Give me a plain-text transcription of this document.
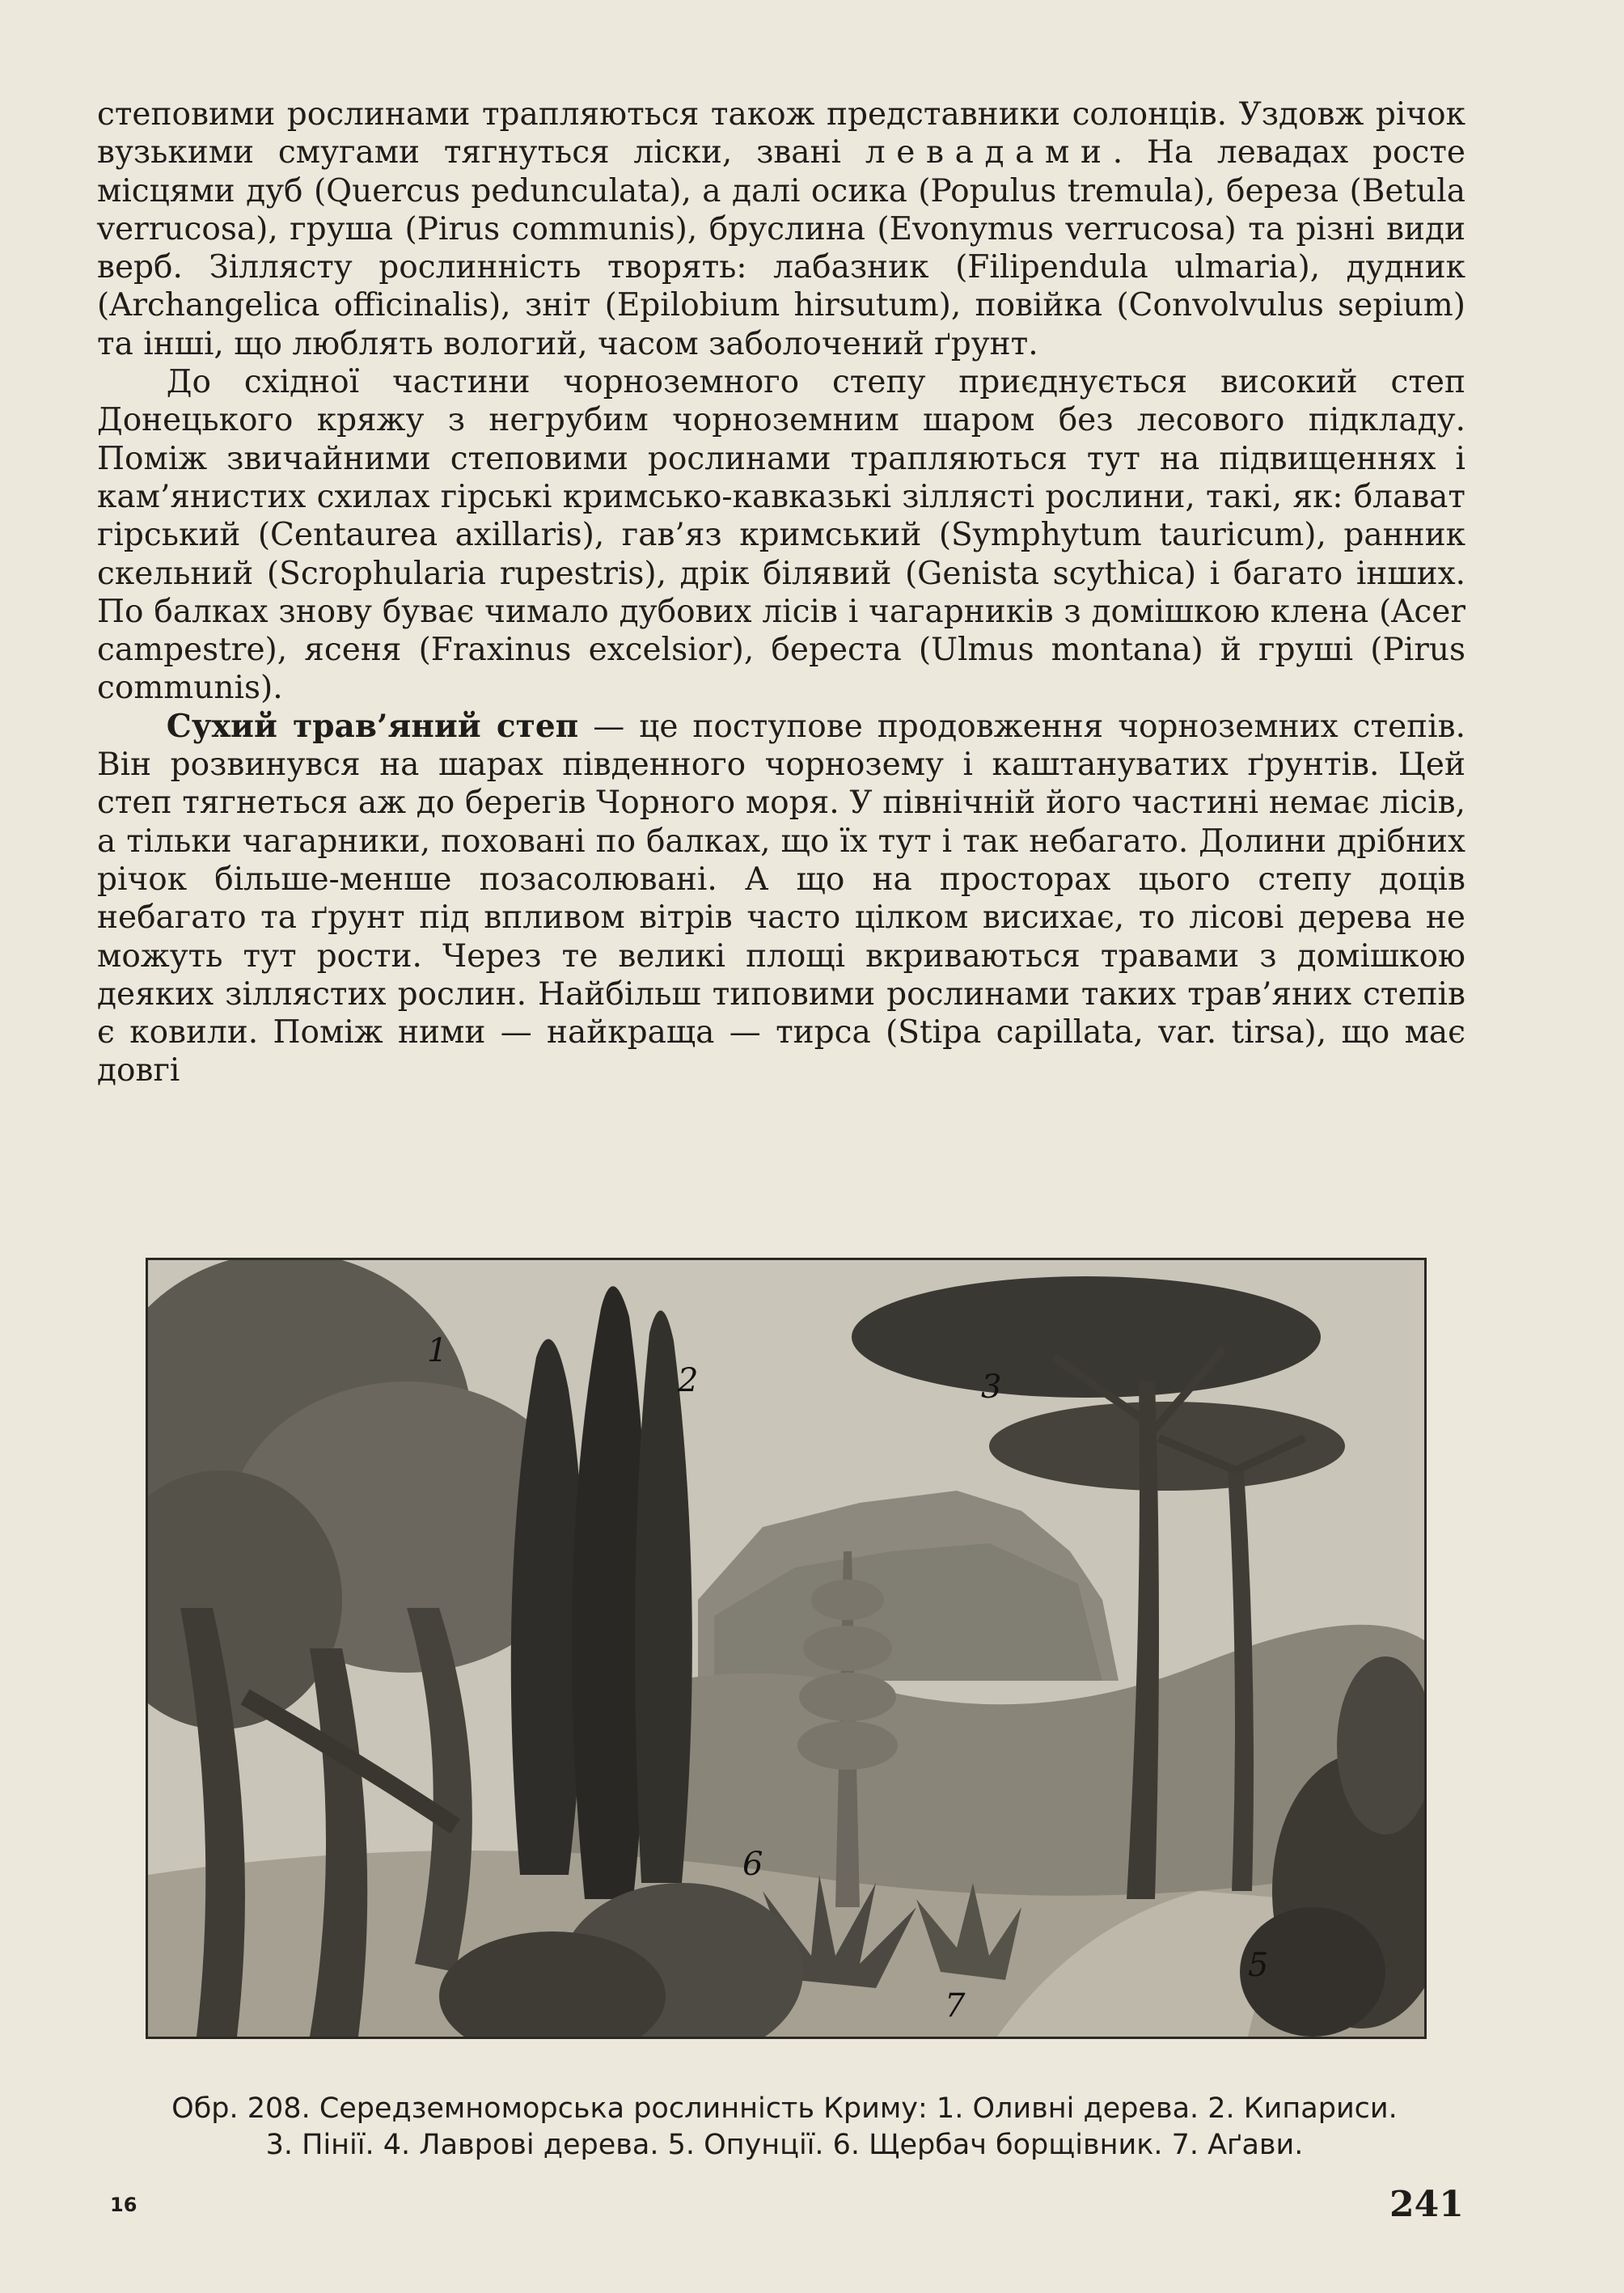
степовими рослинами трапляються також представники солонців. Уздовж річок вузькими смугами тягнуться ліски, звані левадами. На левадах росте місцями дуб (Quercus pedunculata), а далі осика (Populus tremula), береза (Betula verrucosa), груша (Pirus communis), бруслина (Evonymus verrucosa) та різні види верб. Зіллясту рослинність творять: лабазник (Filipendula ulmaria), дудник (Archangelica officinalis), зніт (Epilobium hirsutum), повійка (Convolvulus sepium) та інші, що люблять вологий, часом заболочений ґрунт.

До східної частини чорноземного степу приєднується високий степ Донецького кряжу з негрубим чорноземним шаром без лесового підкладу. Поміж звичайними степовими рослинами трапляються тут на підвищеннях і кам’янистих схилах гірські кримсько-кавказькі зіллясті рослини, такі, як: блават гірський (Centaurea axillaris), гав’яз кримський (Symphytum tauricum), ранник скельний (Scrophularia rupestris), дрік білявий (Genista scythica) і багато інших. По балках знову буває чимало дубових лісів і чагарників з домішкою клена (Acer campestre), ясеня (Fraxinus excelsior), береста (Ulmus montana) й груші (Pirus communis).

Сухий трав’яний степ — це поступове продовження чорноземних степів. Він розвинувся на шарах південного чорнозему і каштануватих ґрунтів. Цей степ тягнеться аж до берегів Чорного моря. У північній його частині немає лісів, а тільки чагарники, поховані по балках, що їх тут і так небагато. Долини дрібних річок більше-менше позасолювані. А що на просторах цього степу доців небагато та ґрунт під впливом вітрів часто цілком висихає, то лісові дерева не можуть тут рости. Через те великі площі вкриваються травами з домішкою деяких зіллястих рослин. Найбільш типовими рослинами таких трав’яних степів є ковили. Поміж ними — найкраща — тирса (Stipa capillata, var. tirsa), що має довгі

1
2	3
5
6
7
Обр. 208. Середземноморська рослинність Криму: 1. Оливні дерева. 2. Кипариси.
3. Пінії. 4. Лаврові дерева. 5. Опунції. 6. Щербач борщівник. 7. Аґави.
16	241
